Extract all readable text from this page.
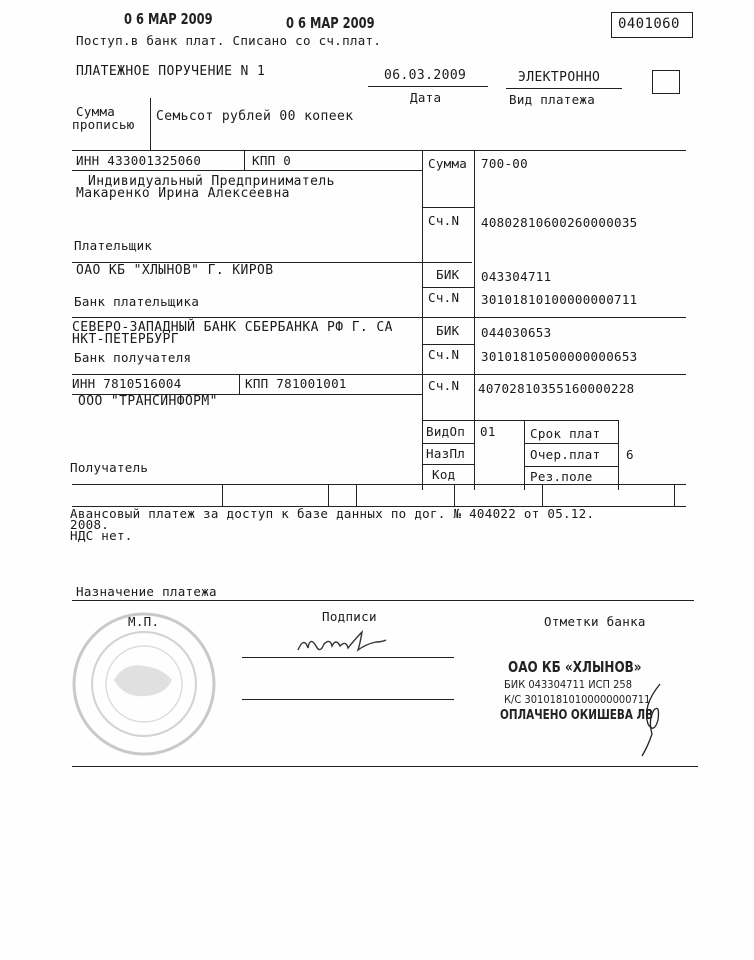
0 6 MAP 2009	0 6 MAP 2009	0401060
Поступ.в банк плат. Списано со сч.плат.
ПЛАТЕЖНОЕ ПОРУЧЕНИЕ N 1	06.03.2009
Дата
ЭЛЕКТРОННО
Вид платежа
Сумма
прописью
Семьсот рублей 00 копеек
ИНН 433001325060	КПП 0
Индивидуальный Предприниматель
Макаренко Ирина Алексеевна
Плательщик
Сумма 700-00
Сч.N 40802810600260000035
ОАО КБ "ХЛЫНОВ" Г. КИРОВ
Банк плательщика
БИК 043304711
Сч.N 30101810100000000711
СЕВЕРО-ЗАПАДНЫЙ БАНК СБЕРБАНКА РФ Г. СА
НКТ-ПЕТЕРБУРГ
Банк получателя
БИК 044030653
Сч.N 30101810500000000653
ИНН 7810516004	КПП 781001001	Сч.N 40702810355160000228
ООО "ТРАНСИНФОРМ"
Получатель
ВидОп 01
НазПл
Код
Срок плат
Очер.плат 6
Рез.поле
Авансовый платеж за доступ к базе данных по дог. № 404022 от 05.12.
2008.
НДС нет.
Назначение платежа
М.П.	Подписи	Отметки банка
ОАО КБ «ХЛЫНОВ»
БИК 043304711 ИСП 258
К/С 30101810100000000711
ОПЛАЧЕНО ОКИШЕВА ЛВ
